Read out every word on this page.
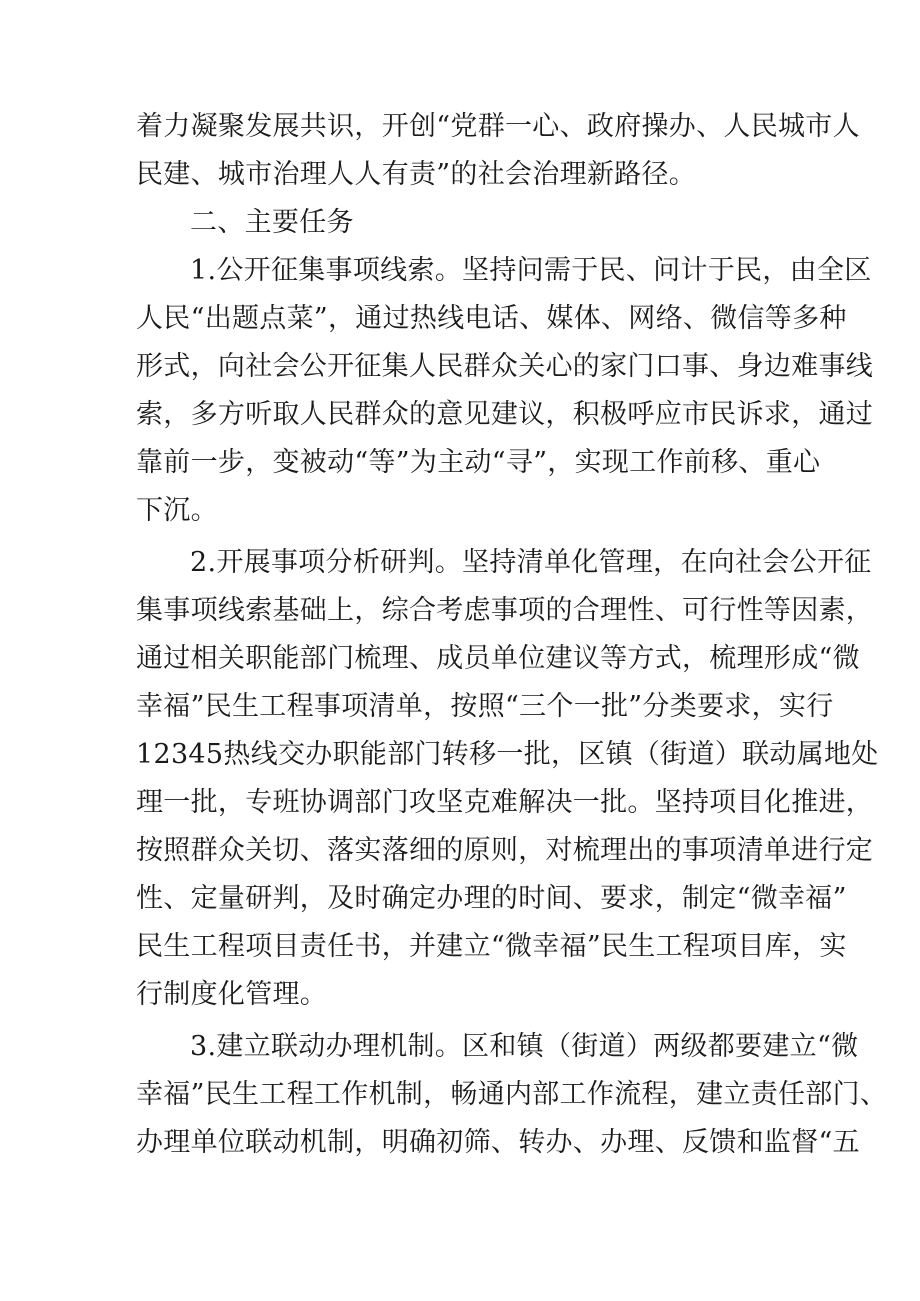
着力凝聚发展共识，开创“党群一心、政府操办、人民城市人
民建、城市治理人人有责”的社会治理新路径。
二、主要任务
1.公开征集事项线索。坚持问需于民、问计于民，由全区
人民“出题点菜”，通过热线电话、媒体、网络、微信等多种
形式，向社会公开征集人民群众关心的家门口事、身边难事线
索，多方听取人民群众的意见建议，积极呼应市民诉求，通过
靠前一步，变被动“等”为主动“寻”，实现工作前移、重心
下沉。
2.开展事项分析研判。坚持清单化管理，在向社会公开征
集事项线索基础上，综合考虑事项的合理性、可行性等因素，
通过相关职能部门梳理、成员单位建议等方式，梳理形成“微
幸福”民生工程事项清单，按照“三个一批”分类要求，实行
12345热线交办职能部门转移一批，区镇（街道）联动属地处
理一批，专班协调部门攻坚克难解决一批。坚持项目化推进，
按照群众关切、落实落细的原则，对梳理出的事项清单进行定
性、定量研判，及时确定办理的时间、要求，制定“微幸福”
民生工程项目责任书，并建立“微幸福”民生工程项目库，实
行制度化管理。
3.建立联动办理机制。区和镇（街道）两级都要建立“微
幸福”民生工程工作机制，畅通内部工作流程，建立责任部门、
办理单位联动机制，明确初筛、转办、办理、反馈和监督“五
